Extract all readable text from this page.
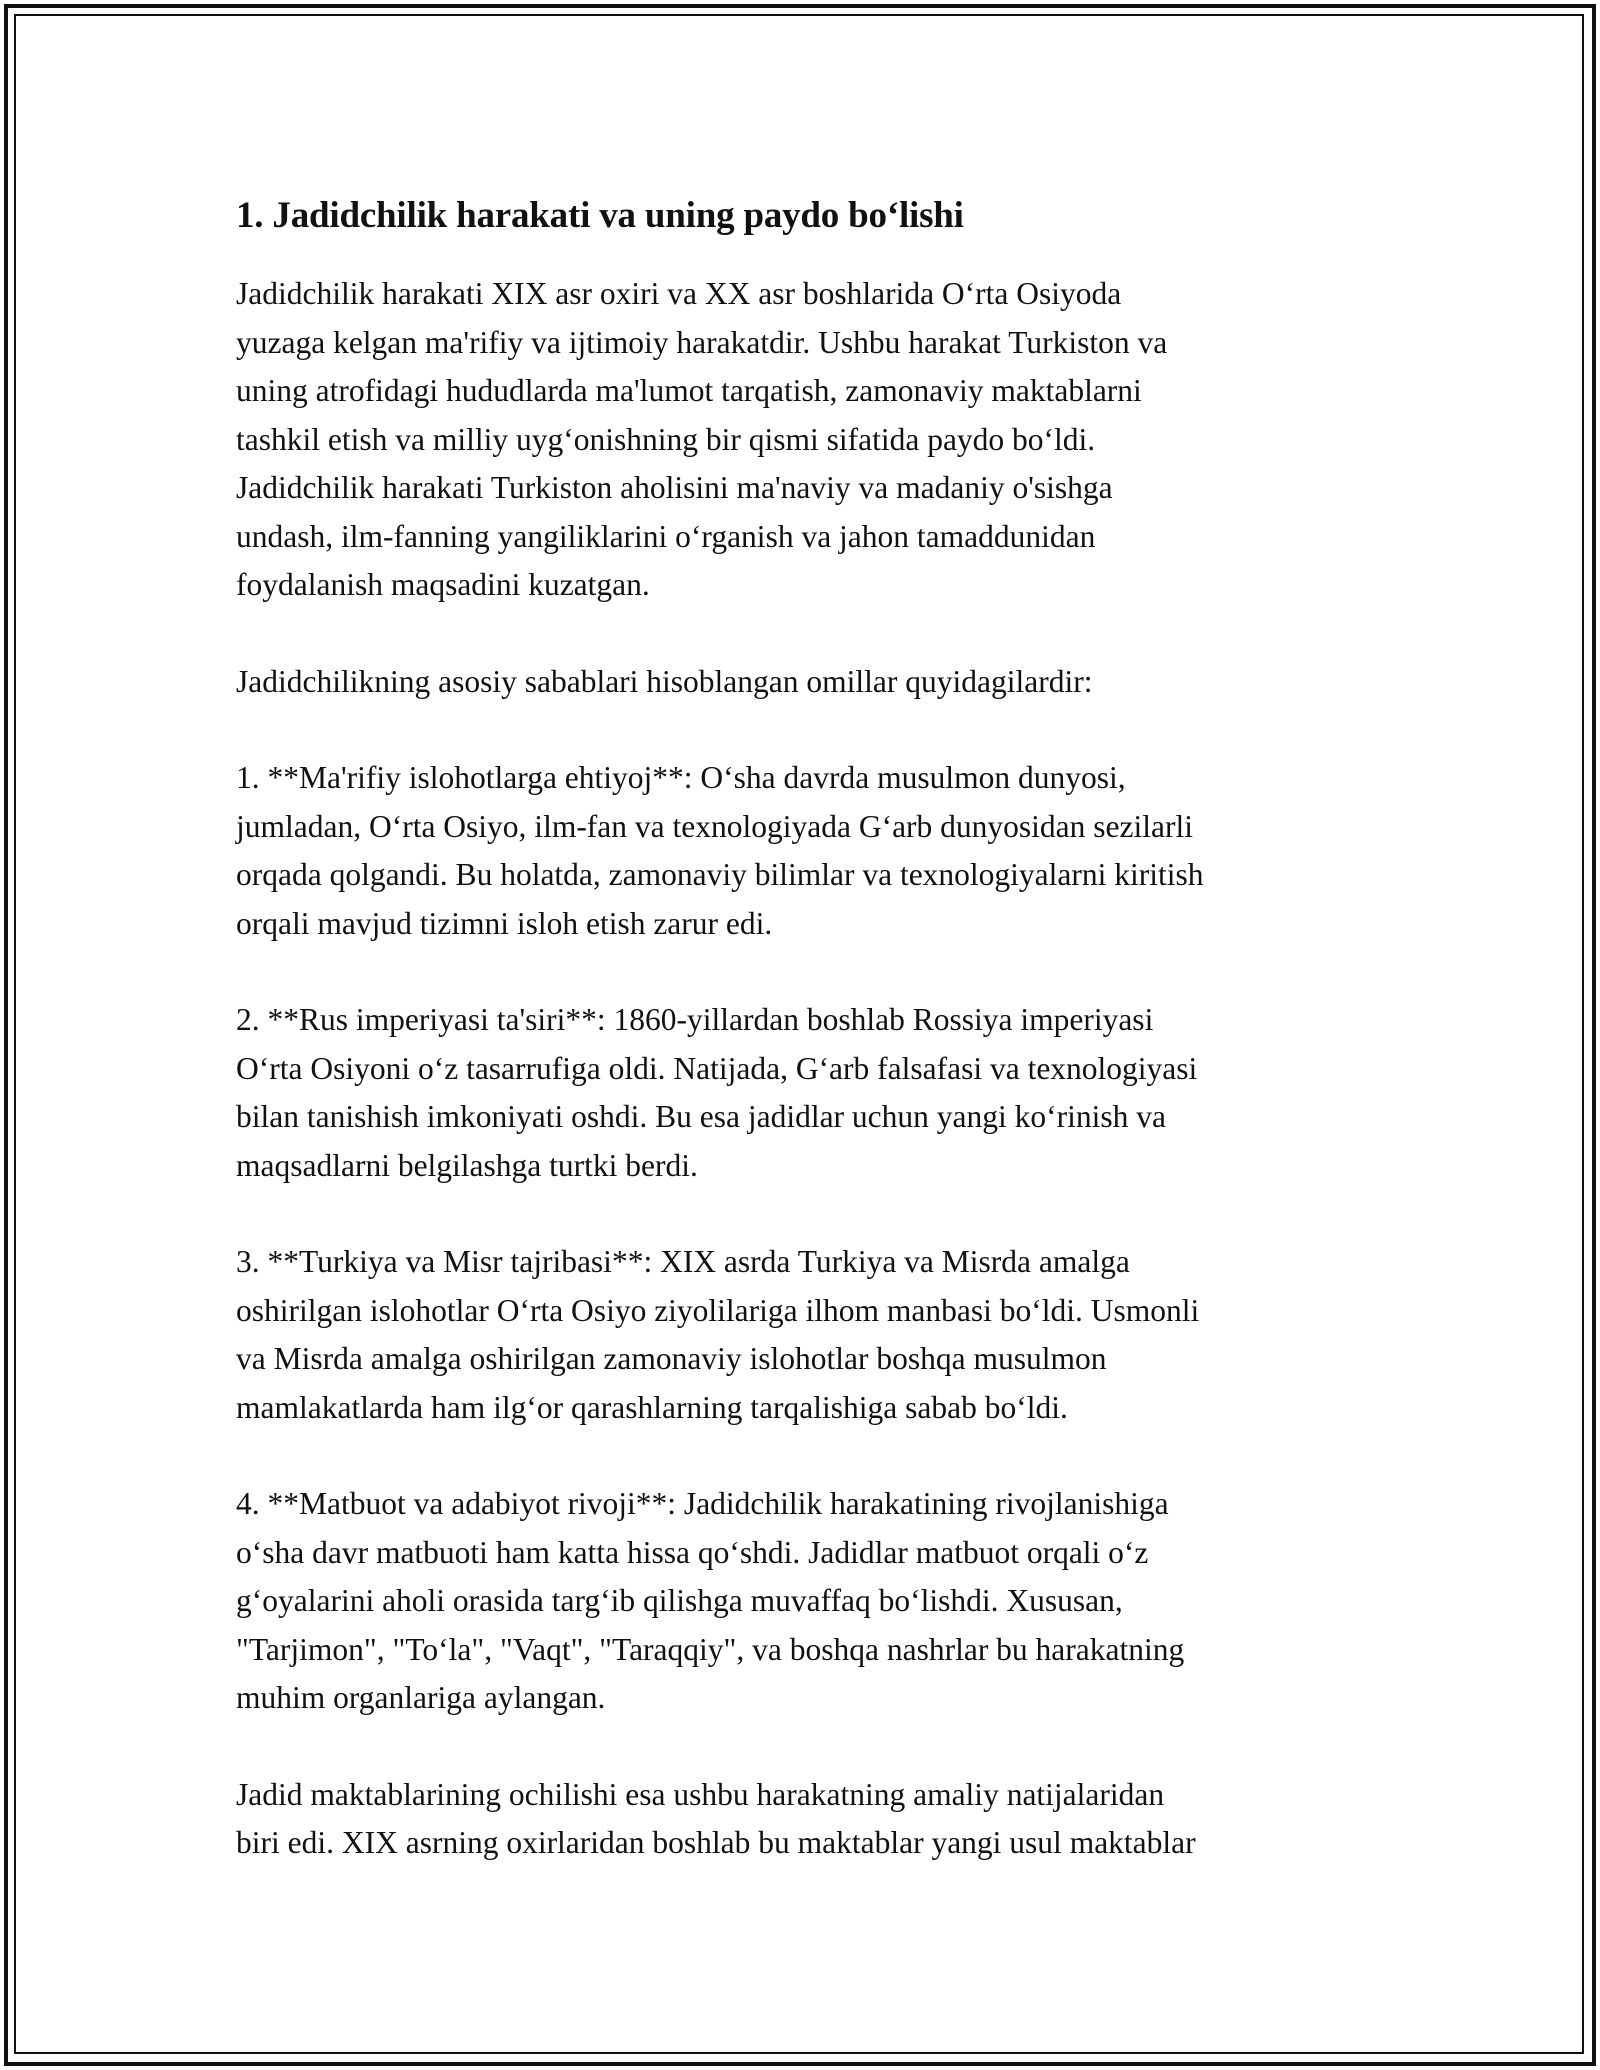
1. Jadidchilik harakati va uning paydo boʻlishi

Jadidchilik harakati XIX asr oxiri va XX asr boshlarida Oʻrta Osiyoda
yuzaga kelgan ma'rifiy va ijtimoiy harakatdir. Ushbu harakat Turkiston va
uning atrofidagi hududlarda ma'lumot tarqatish, zamonaviy maktablarni
tashkil etish va milliy uygʻonishning bir qismi sifatida paydo boʻldi.
Jadidchilik harakati Turkiston aholisini ma'naviy va madaniy o'sishga
undash, ilm-fanning yangiliklarini oʻrganish va jahon tamaddunidan
foydalanish maqsadini kuzatgan.

Jadidchilikning asosiy sabablari hisoblangan omillar quyidagilardir:

1. **Ma'rifiy islohotlarga ehtiyoj**: Oʻsha davrda musulmon dunyosi,
jumladan, Oʻrta Osiyo, ilm-fan va texnologiyada Gʻarb dunyosidan sezilarli
orqada qolgandi. Bu holatda, zamonaviy bilimlar va texnologiyalarni kiritish
orqali mavjud tizimni isloh etish zarur edi.

2. **Rus imperiyasi ta'siri**: 1860-yillardan boshlab Rossiya imperiyasi
Oʻrta Osiyoni oʻz tasarrufiga oldi. Natijada, Gʻarb falsafasi va texnologiyasi
bilan tanishish imkoniyati oshdi. Bu esa jadidlar uchun yangi koʻrinish va
maqsadlarni belgilashga turtki berdi.

3. **Turkiya va Misr tajribasi**: XIX asrda Turkiya va Misrda amalga
oshirilgan islohotlar Oʻrta Osiyo ziyolilariga ilhom manbasi boʻldi. Usmonli
va Misrda amalga oshirilgan zamonaviy islohotlar boshqa musulmon
mamlakatlarda ham ilgʻor qarashlarning tarqalishiga sabab boʻldi.

4. **Matbuot va adabiyot rivoji**: Jadidchilik harakatining rivojlanishiga
oʻsha davr matbuoti ham katta hissa qoʻshdi. Jadidlar matbuot orqali oʻz
gʻoyalarini aholi orasida targʻib qilishga muvaffaq boʻlishdi. Xususan,
"Tarjimon", "Toʻla", "Vaqt", "Taraqqiy", va boshqa nashrlar bu harakatning
muhim organlariga aylangan.

Jadid maktablarining ochilishi esa ushbu harakatning amaliy natijalaridan
biri edi. XIX asrning oxirlaridan boshlab bu maktablar yangi usul maktablar
